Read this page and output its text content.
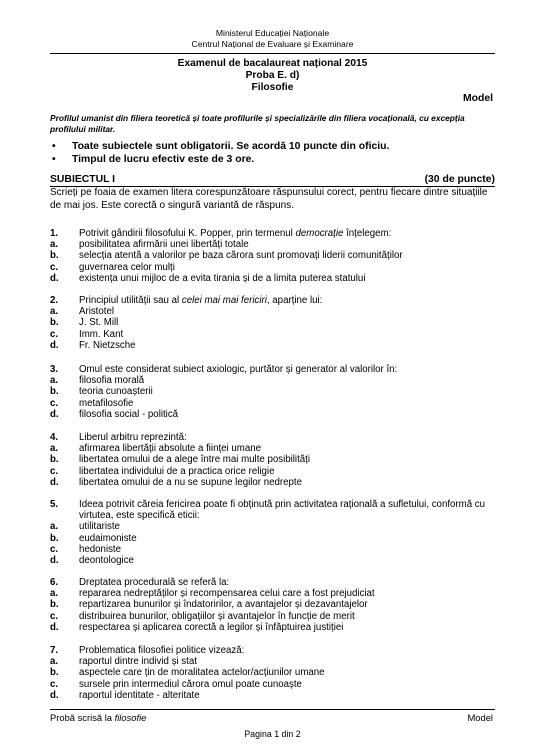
Ministerul Educației Naționale
Centrul Național de Evaluare și Examinare
Examenul de bacalaureat național 2015
Proba E. d)
Filosofie
Model
Profilul umanist din filiera teoretică și toate profilurile și specializările din filiera vocațională, cu excepția profilului militar.
• Toate subiectele sunt obligatorii. Se acordă 10 puncte din oficiu.
• Timpul de lucru efectiv este de 3 ore.
SUBIECTUL I	(30 de puncte)
Scrieți pe foaia de examen litera corespunzătoare răspunsului corect, pentru fiecare dintre situațiile de mai jos. Este corectă o singură variantă de răspuns.
1. Potrivit gândirii filosofului K. Popper, prin termenul democrație înțelegem:
a. posibilitatea afirmării unei libertăți totale
b. selecția atentă a valorilor pe baza cărora sunt promovați liderii comunităților
c. guvernarea celor mulți
d. existența unui mijloc de a evita tirania și de a limita puterea statului
2. Principiul utilității sau al celei mai mai fericiri, aparține lui:
a. Aristotel
b. J. St. Mill
c. Imm. Kant
d. Fr. Nietzsche
3. Omul este considerat subiect axiologic, purtător și generator al valorilor în:
a. filosofia morală
b. teoria cunoașterii
c. metafilosofie
d. filosofia social - politică
4. Liberul arbitru reprezintă:
a. afirmarea libertății absolute a ființei umane
b. libertatea omului de a alege între mai multe posibilități
c. libertatea individului de a practica orice religie
d. libertatea omului de a nu se supune legilor nedrepte
5. Ideea potrivit căreia fericirea poate fi obținută prin activitatea rațională a sufletului, conformă cu virtutea, este specifică eticii:
a. utilitariste
b. eudaimoniste
c. hedoniste
d. deontologice
6. Dreptatea procedurală se referă la:
a. repararea nedreptăților și recompensarea celui care a fost prejudiciat
b. repartizarea bunurilor și îndatoririlor, a avantajelor și dezavantajelor
c. distribuirea bunurilor, obligațiilor și avantajelor în funcție de merit
d. respectarea și aplicarea corectă a legilor și înfăptuirea justiției
7. Problematica filosofiei politice vizează:
a. raportul dintre individ și stat
b. aspectele care țin de moralitatea actelor/acțiunilor umane
c. sursele prin intermediul cărora omul poate cunoaște
d. raportul identitate - alteritate
Probă scrisă la filosofie	Model
Pagina 1 din 2
